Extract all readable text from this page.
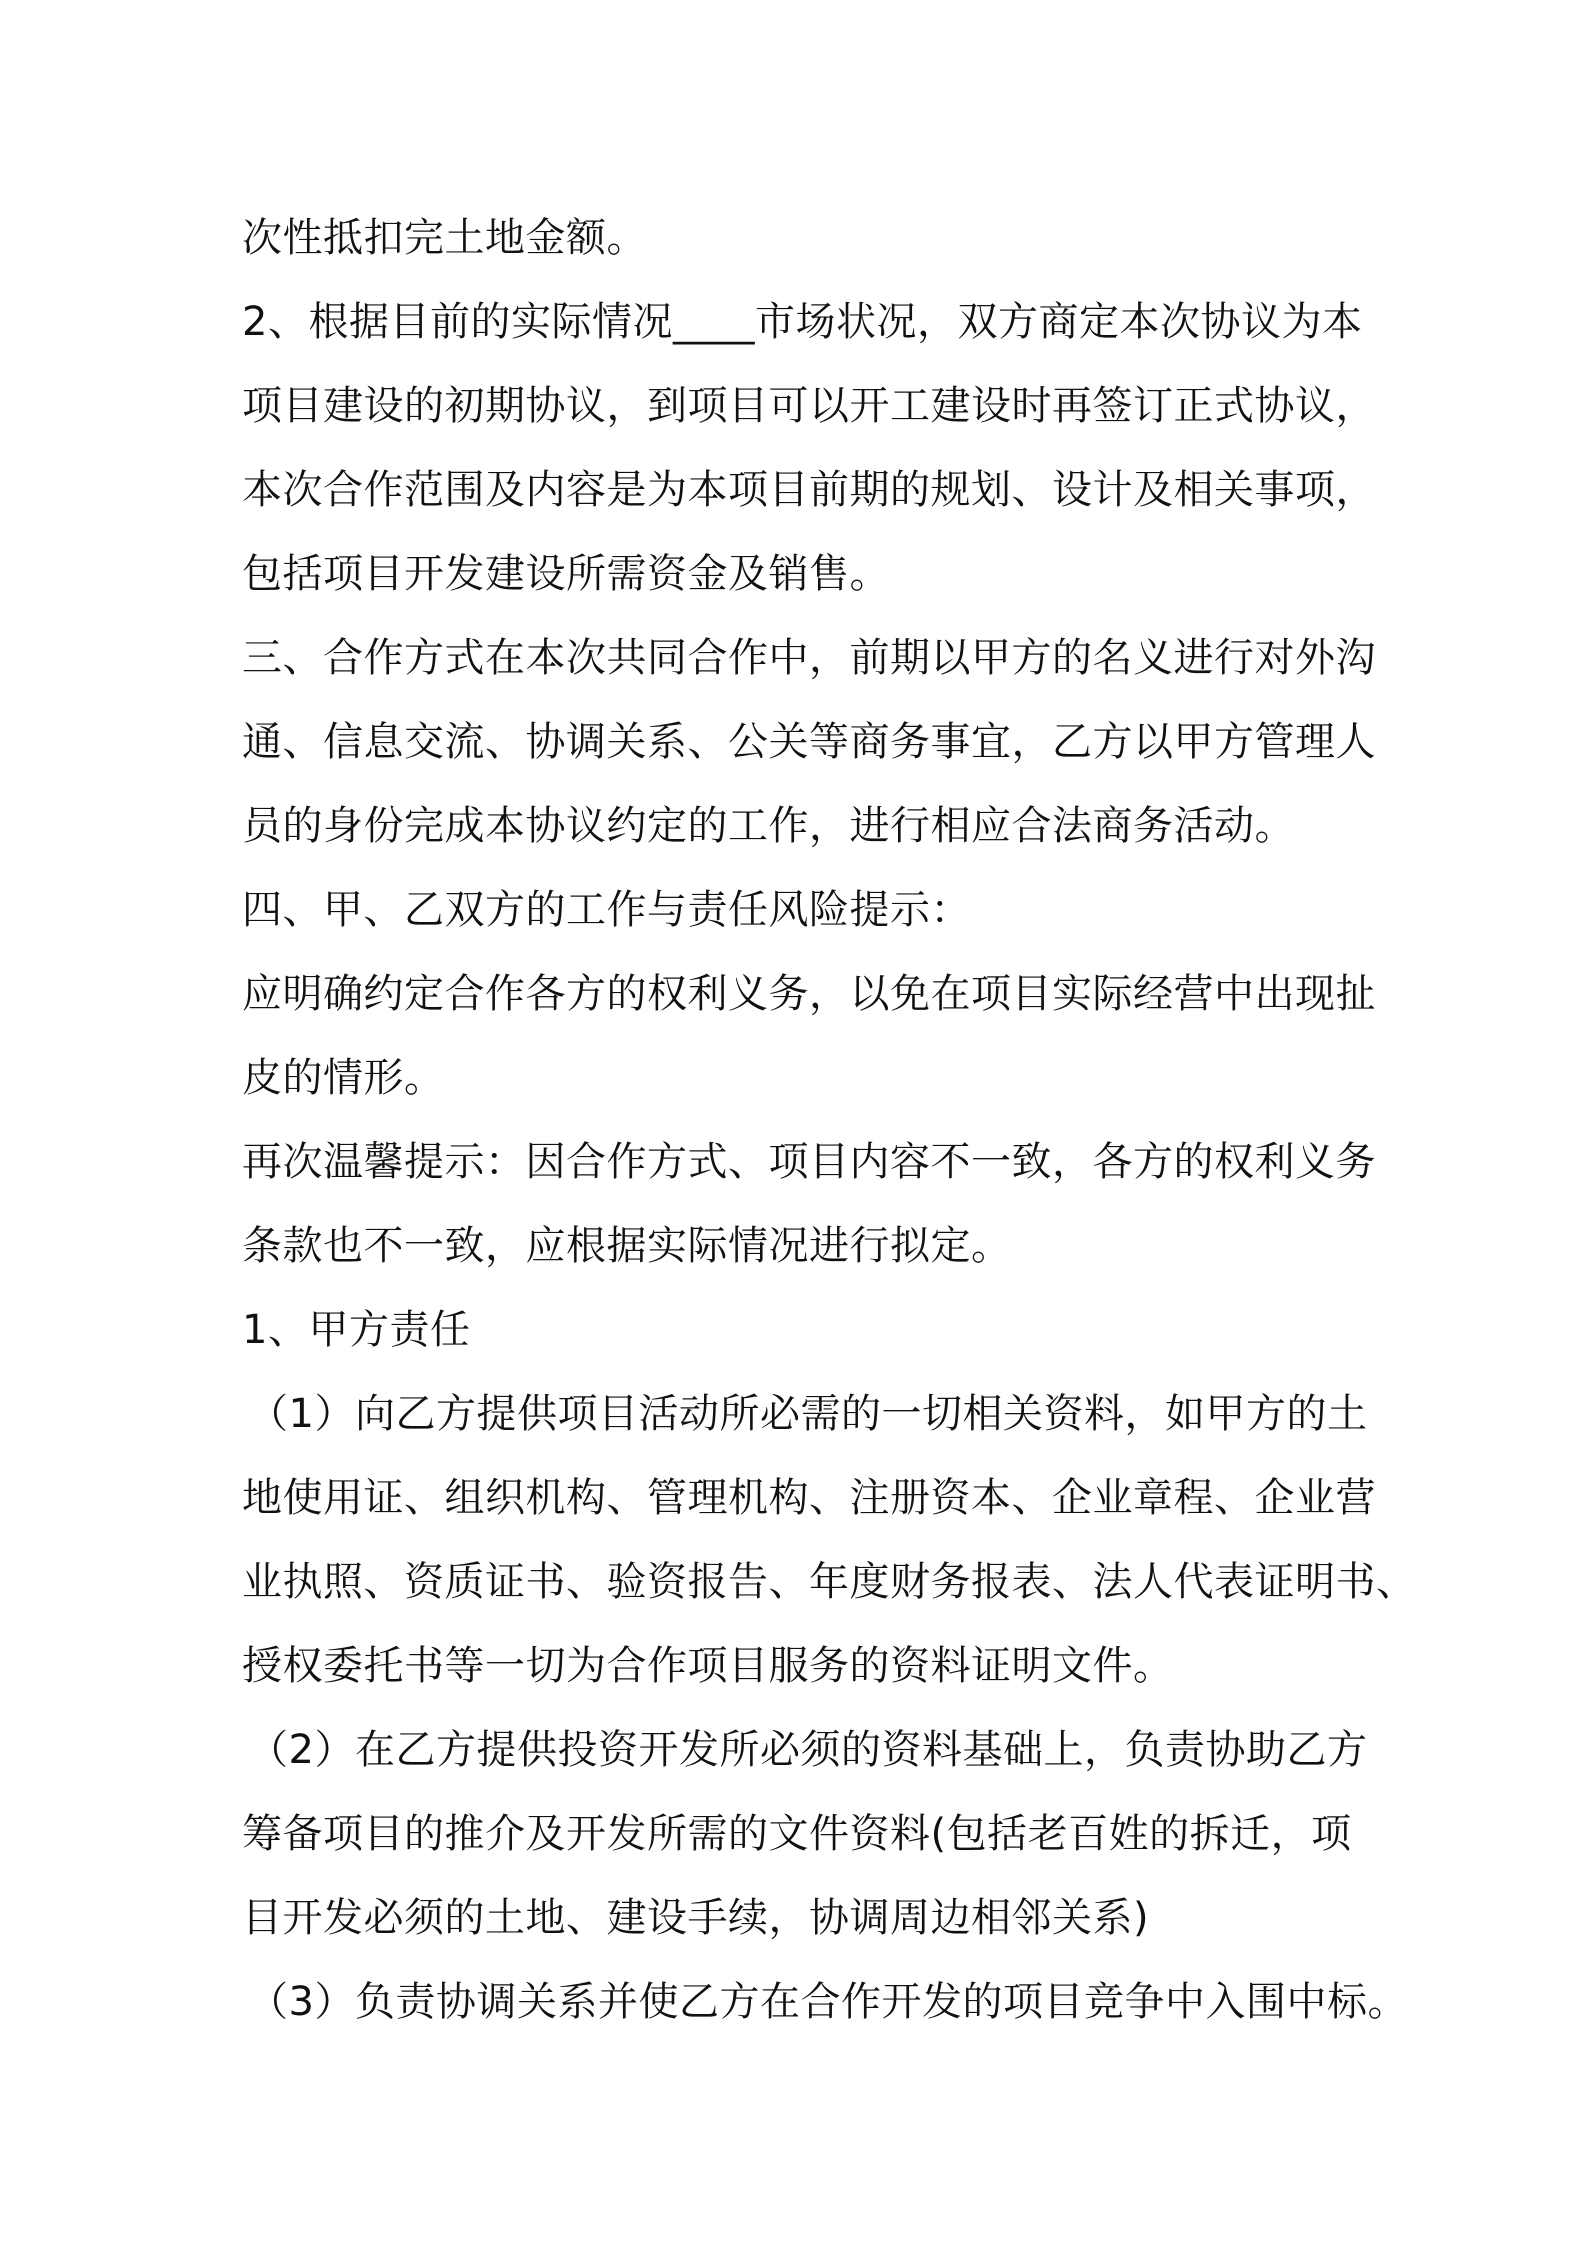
次性抵扣完土地金额。
2、根据目前的实际情况____市场状况，双方商定本次协议为本
项目建设的初期协议，到项目可以开工建设时再签订正式协议，
本次合作范围及内容是为本项目前期的规划、设计及相关事项，
包括项目开发建设所需资金及销售。
三、合作方式在本次共同合作中，前期以甲方的名义进行对外沟
通、信息交流、协调关系、公关等商务事宜，乙方以甲方管理人
员的身份完成本协议约定的工作，进行相应合法商务活动。
四、甲、乙双方的工作与责任风险提示：
应明确约定合作各方的权利义务，以免在项目实际经营中出现扯
皮的情形。
再次温馨提示：因合作方式、项目内容不一致，各方的权利义务
条款也不一致，应根据实际情况进行拟定。
1、甲方责任
（1）向乙方提供项目活动所必需的一切相关资料，如甲方的土
地使用证、组织机构、管理机构、注册资本、企业章程、企业营
业执照、资质证书、验资报告、年度财务报表、法人代表证明书、
授权委托书等一切为合作项目服务的资料证明文件。
（2）在乙方提供投资开发所必须的资料基础上，负责协助乙方
筹备项目的推介及开发所需的文件资料(包括老百姓的拆迁，项
目开发必须的土地、建设手续，协调周边相邻关系)
（3）负责协调关系并使乙方在合作开发的项目竞争中入围中标。
